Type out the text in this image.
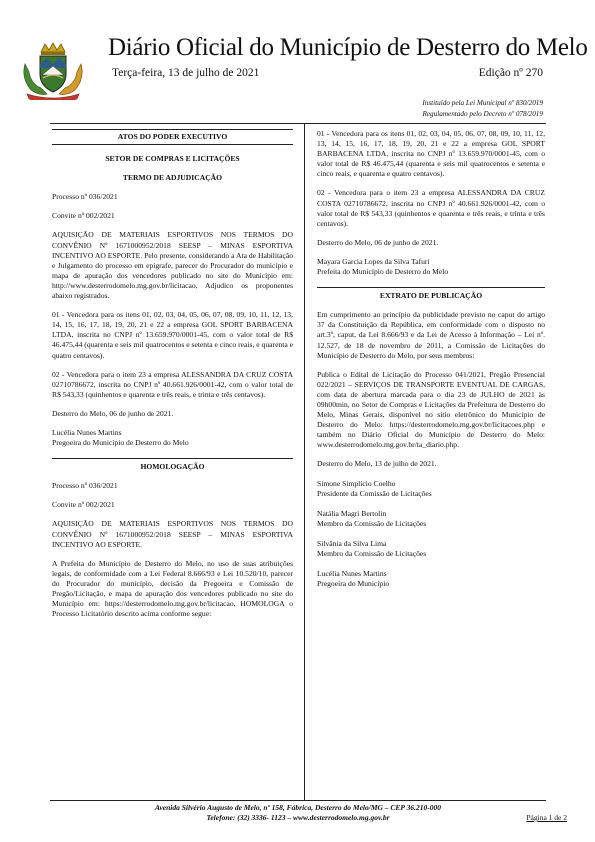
Diário Oficial do Município de Desterro do Melo
Terça-feira, 13 de julho de 2021	Edição nº 270
Instituído pela Lei Municipal nº 830/2019
Regulamentado pelo Decreto nº 078/2019

ATOS DO PODER EXECUTIVO

SETOR DE COMPRAS E LICITAÇÕES

TERMO DE ADJUDICAÇÃO

Processo nº 036/2021

Convite nº 002/2021

AQUISIÇÃO DE MATERIAIS ESPORTIVOS NOS TERMOS DO CONVÊNIO Nº 1671000952/2018 SEESP – MINAS ESPORTIVA INCENTIVO AO ESPORTE. Pelo presente, considerando a Ata de Habilitação e Julgamento do processo em epígrafe, parecer do Procurador do município e mapa de apuração dos vencedores publicado no site do Município em: http://www.desterrodomelo.mg.gov.br/licitacao, Adjudico os proponentes abaixo registrados.

01 - Vencedora para os itens 01, 02, 03, 04, 05, 06, 07, 08, 09, 10, 11, 12, 13, 14, 15, 16, 17, 18, 19, 20, 21 e 22 a empresa GOL SPORT BARBACENA LTDA, inscrita no CNPJ nº 13.659.970/0001-45, com o valor total de R$ 46.475,44 (quarenta e seis mil quatrocentos e setenta e cinco reais, e quarenta e quatro centavos).

02 - Vencedora para o item 23 a empresa ALESSANDRA DA CRUZ COSTA 02710786672, inscrita no CNPJ nº 40.661.926/0001-42, com o valor total de R$ 543,33 (quinhentos e quarenta e três reais, e trinta e três centavos).

Desterro do Melo, 06 de junho de 2021.

Lucélia Nunes Martins
Pregoeira do Município de Desterro do Melo

HOMOLOGAÇÃO

Processo nº 036/2021

Convite nº 002/2021

AQUISIÇÃO DE MATERIAIS ESPORTIVOS NOS TERMOS DO CONVÊNIO Nº 1671000952/2018 SEESP – MINAS ESPORTIVA INCENTIVO AO ESPORTE.

A Prefeita do Município de Desterro do Melo, no uso de suas atribuições legais, de conformidade com a Lei Federal 8.666/93 e Lei 10.520/10, parecer do Procurador do município, decisão da Pregoeira e Comissão de Pregão/Licitação, e mapa de apuração dos vencedores publicado no site do Município em: https://desterrodomelo.mg.gov.br/licitacao, HOMOLOGA o Processo Licitatório descrito acima conforme segue:

01 - Vencedora para os itens 01, 02, 03, 04, 05, 06, 07, 08, 09, 10, 11, 12, 13, 14, 15, 16, 17, 18, 19, 20, 21 e 22 a empresa GOL SPORT BARBACENA LTDA, inscrita no CNPJ nº 13.659.970/0001-45, com o valor total de R$ 46.475,44 (quarenta e seis mil quatrocentos e setenta e cinco reais, e quarenta e quatro centavos).

02 - Vencedora para o item 23 a empresa ALESSANDRA DA CRUZ COSTA 02710786672, inscrita no CNPJ nº 40.661.926/0001-42, com o valor total de R$ 543,33 (quinhentos e quarenta e três reais, e trinta e três centavos).

Desterro do Melo, 06 de junho de 2021.

Mayara Garcia Lopes da Silva Tafuri
Prefeita do Município de Desterro do Melo

EXTRATO DE PUBLICAÇÃO

Em cumprimento ao princípio da publicidade previsto no caput do artigo 37 da Constituição da República, em conformidade com o disposto no art.3º, caput, da Lei 8.666/93 e da Lei de Acesso à Informação – Lei nº. 12.527, de 18 de novembro de 2011, a Comissão de Licitações do Município de Desterro do Melo, por seus membros:

Publica o Edital de Licitação do Processo 041/2021, Pregão Presencial 022/2021 – SERVIÇOS DE TRANSPORTE EVENTUAL DE CARGAS, com data de abertura marcada para o dia 23 de JULHO de 2021 às 09h00min, no Setor de Compras e Licitações da Prefeitura de Desterro do Melo, Minas Gerais, disponível no sítio eletrônico do Município de Desterro do Melo: https://desterrodomelo.mg.gov.br/licitacoes.php e também no Diário Oficial do Município de Desterro do Melo: www.desterrodomelo.mg.gov.br/ta_diario.php.

Desterro do Melo, 13 de julho de 2021.

Simone Simplício Coelho
Presidente da Comissão de Licitações
Natália Magri Bertolin
Membro da Comissão de Licitações
Silvânia da Silva Lima
Membro da Comissão de Licitações
Lucélia Nunes Martins
Pregoeira do Município
Avenida Silvério Augusto de Melo, nº 158, Fábrica, Desterro do Melo/MG – CEP 36.210-000
Telefone: (32) 3336- 1123 – www.desterrodomelo.mg.gov.br	Página 1 de 2
